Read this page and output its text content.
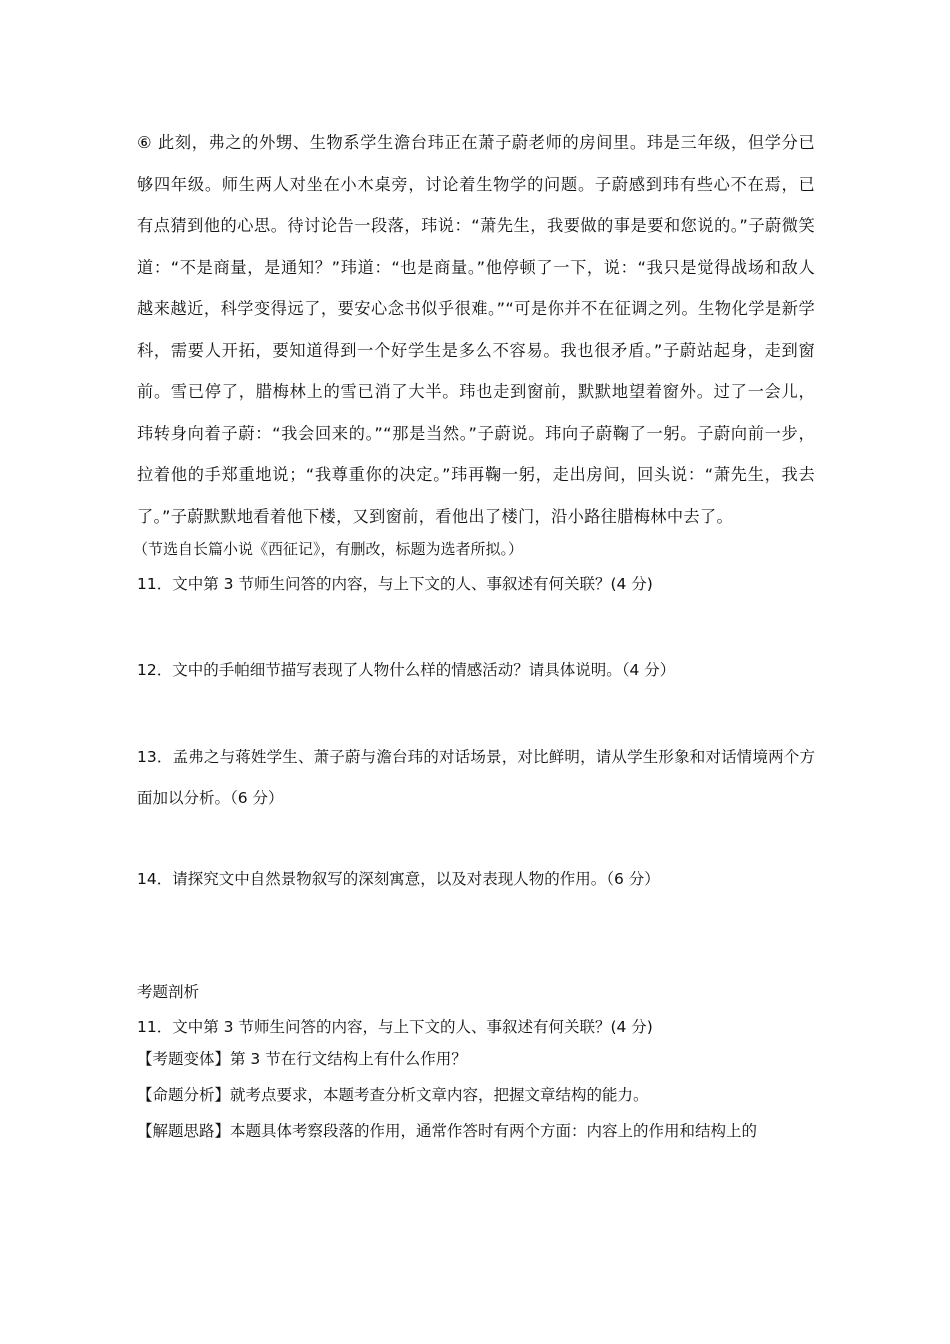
⑥ 此刻，弗之的外甥、生物系学生澹台玮正在萧子蔚老师的房间里。玮是三年级，但学分已够四年级。师生两人对坐在小木桌旁，讨论着生物学的问题。子蔚感到玮有些心不在焉，已有点猜到他的心思。待讨论告一段落，玮说：“萧先生，我要做的事是要和您说的。”子蔚微笑道：“不是商量，是通知？”玮道：“也是商量。”他停顿了一下，说：“我只是觉得战场和敌人越来越近，科学变得远了，要安心念书似乎很难。”“可是你并不在征调之列。生物化学是新学科，需要人开拓，要知道得到一个好学生是多么不容易。我也很矛盾。”子蔚站起身，走到窗前。雪已停了，腊梅林上的雪已消了大半。玮也走到窗前，默默地望着窗外。过了一会儿，玮转身向着子蔚：“我会回来的。”“那是当然。”子蔚说。玮向子蔚鞠了一躬。子蔚向前一步，拉着他的手郑重地说；“我尊重你的决定。”玮再鞠一躬，走出房间，回头说：“萧先生，我去了。”子蔚默默地看着他下楼，又到窗前，看他出了楼门，沿小路往腊梅林中去了。

（节选自长篇小说《西征记》，有删改，标题为选者所拟。）

11．文中第 3 节师生问答的内容，与上下文的人、事叙述有何关联？(4 分)

12．文中的手帕细节描写表现了人物什么样的情感活动？请具体说明。（4 分）

13．孟弗之与蒋姓学生、萧子蔚与澹台玮的对话场景，对比鲜明，请从学生形象和对话情境两个方面加以分析。（6 分）

14．请探究文中自然景物叙写的深刻寓意，以及对表现人物的作用。（6 分）

考题剖析

11．文中第 3 节师生问答的内容，与上下文的人、事叙述有何关联？(4 分)

【考题变体】第 3 节在行文结构上有什么作用？

【命题分析】就考点要求，本题考查分析文章内容，把握文章结构的能力。

【解题思路】本题具体考察段落的作用，通常作答时有两个方面：内容上的作用和结构上的
